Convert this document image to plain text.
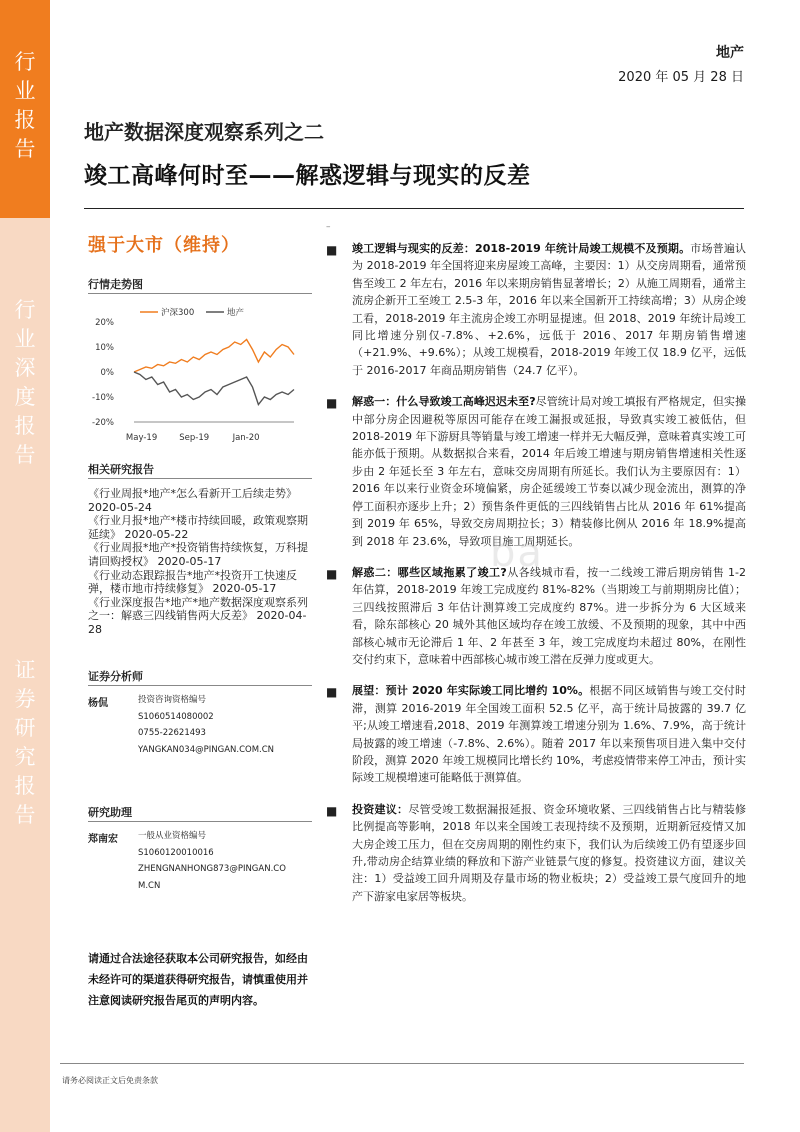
行
业
报
告
行
业
深
度
报
告
证
券
研
究
报
告
地产
2020 年 05 月 28 日
地产数据深度观察系列之二
竣工高峰何时至——解惑逻辑与现实的反差
强于大市（维持）
行情走势图
20%
10%
0%
-10%
-20%
May-19	Sep-19	Jan-20
沪深300	地产
相关研究报告
《行业周报*地产*怎么看新开工后续走势》 2020-05-24
《行业月报*地产*楼市持续回暖，政策观察期延续》 2020-05-22
《行业周报*地产*投资销售持续恢复，万科提请回购授权》 2020-05-17
《行业动态跟踪报告*地产*投资开工快速反弹，楼市地市持续修复》 2020-05-17
《行业深度报告*地产*地产数据深度观察系列之一：解惑三四线销售两大反差》 2020-04-28
证券分析师
杨侃	投资咨询资格编号
S1060514080002
0755-22621493
YANGKAN034@PINGAN.COM.CN
研究助理
郑南宏 一般从业资格编号
S1060120010016
ZHENGNANHONG873@PINGAN.CO
M.CN
请通过合法途径获取本公司研究报告，如经由未经许可的渠道获得研究报告，请慎重使用并注意阅读研究报告尾页的声明内容。
–
■ 竣工逻辑与现实的反差：2018-2019 年统计局竣工规模不及预期。市场普遍认为 2018-2019 年全国将迎来房屋竣工高峰，主要因：1）从交房周期看，通常预售至竣工 2 年左右，2016 年以来期房销售显著增长；2）从施工周期看，通常主流房企新开工至竣工 2.5-3 年，2016 年以来全国新开工持续高增；3）从房企竣工看，2018-2019 年主流房企竣工亦明显提速。但 2018、2019 年统计局竣工同比增速分别仅-7.8%、+2.6%，远低于 2016、2017 年期房销售增速（+21.9%、+9.6%）；从竣工规模看，2018-2019 年竣工仅 18.9 亿平，远低于 2016-2017 年商品期房销售（24.7 亿平）。
■ 解惑一：什么导致竣工高峰迟迟未至?尽管统计局对竣工填报有严格规定，但实操中部分房企因避税等原因可能存在竣工漏报或延报，导致真实竣工被低估，但 2018-2019 年下游厨具等销量与竣工增速一样并无大幅反弹，意味着真实竣工可能亦低于预期。从数据拟合来看，2014 年后竣工增速与期房销售增速相关性逐步由 2 年延长至 3 年左右，意味交房周期有所延长。我们认为主要原因有：1）2016 年以来行业资金环境偏紧，房企延缓竣工节奏以减少现金流出，测算的净停工面积亦逐步上升；2）预售条件更低的三四线销售占比从 2016 年 61%提高到 2019 年 65%，导致交房周期拉长；3）精装修比例从 2016 年 18.9%提高到 2018 年 23.6%，导致项目施工周期延长。
■ 解惑二：哪些区域拖累了竣工?从各线城市看，按一二线竣工滞后期房销售 1-2 年估算，2018-2019 年竣工完成度约 81%-82%（当期竣工与前期期房比值）；三四线按照滞后 3 年估计测算竣工完成度约 87%。进一步拆分为 6 大区域来看，除东部核心 20 城外其他区域均存在竣工放缓、不及预期的现象，其中中西部核心城市无论滞后 1 年、2 年甚至 3 年，竣工完成度均未超过 80%，在刚性交付约束下，意味着中西部核心城市竣工潜在反弹力度或更大。
■ 展望：预计 2020 年实际竣工同比增约 10%。根据不同区域销售与竣工交付时滞，测算 2016-2019 年全国竣工面积 52.5 亿平，高于统计局披露的 39.7 亿平;从竣工增速看,2018、2019 年测算竣工增速分别为 1.6%、7.9%，高于统计局披露的竣工增速（-7.8%、2.6%）。随着 2017 年以来预售项目进入集中交付阶段，测算 2020 年竣工规模同比增长约 10%，考虑疫情带来停工冲击，预计实际竣工规模增速可能略低于测算值。
■ 投资建议：尽管受竣工数据漏报延报、资金环境收紧、三四线销售占比与精装修比例提高等影响，2018 年以来全国竣工表现持续不及预期，近期新冠疫情又加大房企竣工压力，但在交房周期的刚性约束下，我们认为后续竣工仍有望逐步回升,带动房企结算业绩的释放和下游产业链景气度的修复。投资建议方面，建议关注：1）受益竣工回升周期及存量市场的物业板块；2）受益竣工景气度回升的地产下游家电家居等板块。
ba
请务必阅读正文后免责条款
